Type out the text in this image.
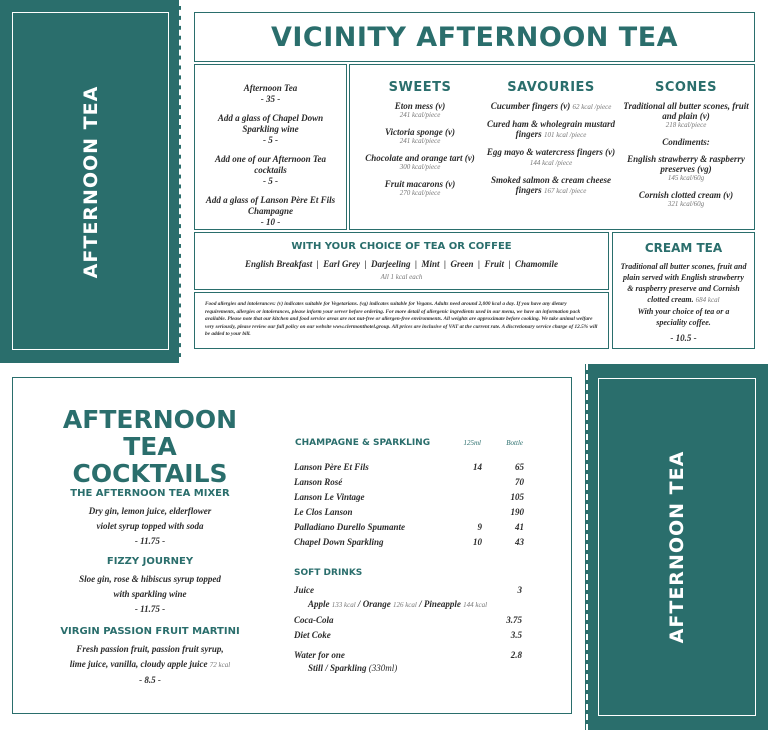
AFTERNOON TEA
VICINITY AFTERNOON TEA
Afternoon Tea
- 35 -
Add a glass of Chapel Down Sparkling wine
- 5 -
Add one of our Afternoon Tea cocktails
- 5 -
Add a glass of Lanson Père Et Fils Champagne
- 10 -
SWEETS
Eton mess (v)
241 kcal/piece
Victoria sponge (v)
241 kcal/piece
Chocolate and orange tart (v)
300 kcal/piece
Fruit macarons (v)
270 kcal/piece
SAVOURIES
Cucumber fingers (v) 62 kcal /piece
Cured ham & wholegrain mustard fingers 101 kcal /piece
Egg mayo & watercress fingers (v) 144 kcal /piece
Smoked salmon & cream cheese fingers 167 kcal /piece
SCONES
Traditional all butter scones, fruit and plain (v)
218 kcal/piece
Condiments:
English strawberry & raspberry preserves (vg)
145 kcal/60g
Cornish clotted cream (v)
321 kcal/60g
WITH YOUR CHOICE OF TEA OR COFFEE
English Breakfast  |  Earl Grey  |  Darjeeling  |  Mint  |  Green  |  Fruit  |  Chamomile
All 1 kcal each
Food allergies and intolerances: (v) indicates suitable for Vegetarians. (vg) indicates suitable for Vegans. Adults need around 2,000 kcal a day. If you have any dietary requirements, allergies or intolerances, please inform your server before ordering. For more detail of allergenic ingredients used in our menu, we have an information pack available. Please note that our kitchen and food service areas are not nut-free or allergen-free environments. All weights are approximate before cooking. We take animal welfare very seriously, please review our full policy on our website www.clermonthotel.group. All prices are inclusive of VAT at the current rate. A discretionary service charge of 12.5% will be added to your bill.
CREAM TEA
Traditional all butter scones, fruit and plain served with English strawberry & raspberry preserve and Cornish clotted cream. 684 kcal
With your choice of tea or a speciality coffee.
- 10.5 -
AFTERNOON
TEA COCKTAILS
THE AFTERNOON TEA MIXER

Dry gin, lemon juice, elderflower

violet syrup topped with soda

- 11.75 -

FIZZY JOURNEY

Sloe gin, rose & hibiscus syrup topped

with sparkling wine

- 11.75 -

VIRGIN PASSION FRUIT MARTINI

Fresh passion fruit, passion fruit syrup,

lime juice, vanilla, cloudy apple juice 72 kcal

- 8.5 -

CHAMPAGNE & SPARKLING	125ml	Bottle
Lanson Père Et Fils	14	65
Lanson Rosé		70
Lanson Le Vintage		105
Le Clos Lanson		190
Palladiano Durello Spumante	9	41
Chapel Down Sparkling	10	43
SOFT DRINKS
Juice	3
Apple 133 kcal / Orange 126 kcal / Pineapple 144 kcal
Coca-Cola	3.75
Diet Coke	3.5
Water for one	2.8
Still / Sparkling (330ml)
AFTERNOON TEA
